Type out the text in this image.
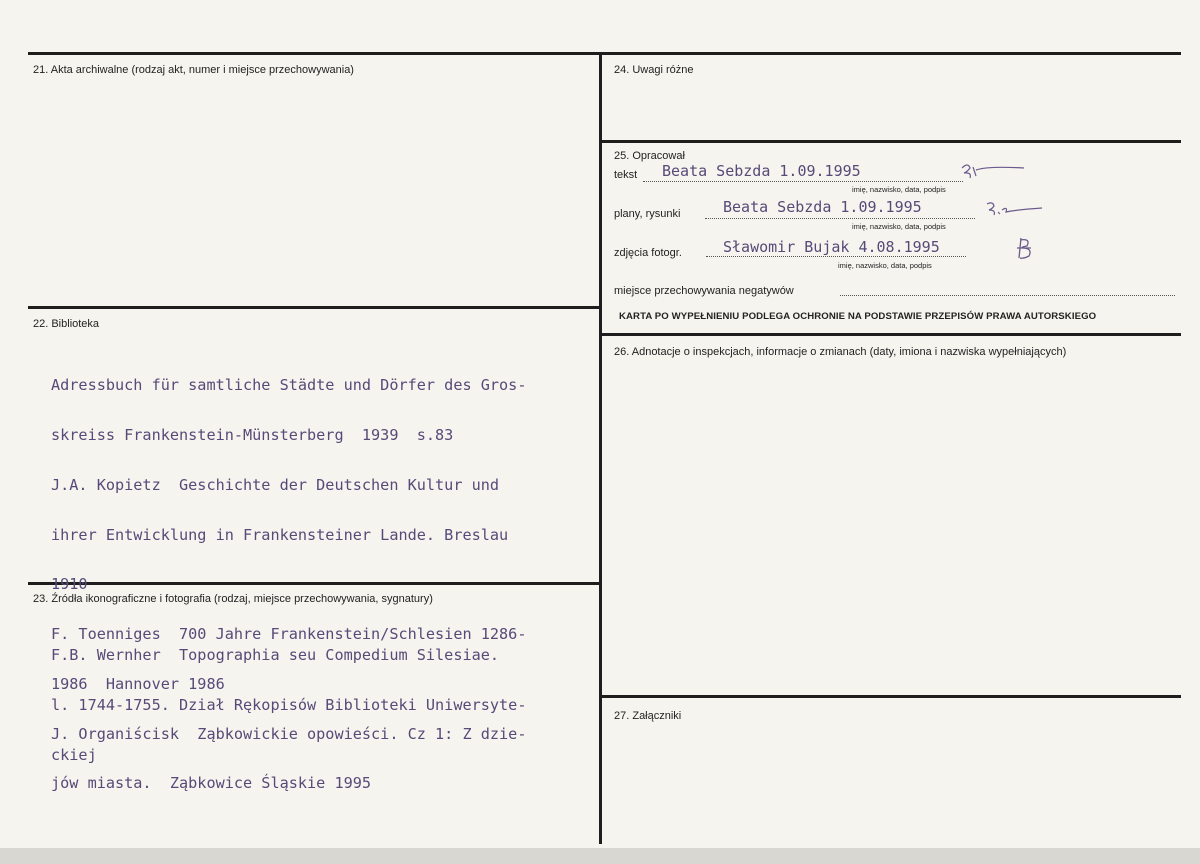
21. Akta archiwalne (rodzaj akt, numer i miejsce przechowywania)
22. Biblioteka

Adressbuch für samtliche Städte und Dörfer des Gros-

skreiss Frankenstein-Münsterberg  1939  s.83

J.A. Kopietz  Geschichte der Deutschen Kultur und

ihrer Entwicklung in Frankensteiner Lande. Breslau

1910

F. Toenniges  700 Jahre Frankenstein/Schlesien 1286-

1986  Hannover 1986

J. Organiścisk  Ząbkowickie opowieści. Cz 1: Z dzie-

jów miasta.  Ząbkowice Śląskie 1995

23. Źródła ikonograficzne i fotografia (rodzaj, miejsce przechowywania, sygnatury)

F.B. Wernher  Topographia seu Compedium Silesiae.

l. 1744-1755. Dział Rękopisów Biblioteki Uniwersyte-

ckiej

24. Uwagi różne
25. Opracował
tekst Beata Sebzda 1.09.1995
imię, nazwisko, data, podpis
plany, rysunki	Beata Sebzda 1.09.1995
imię, nazwisko, data, podpis
zdjęcia fotogr.	Sławomir Bujak 4.08.1995
imię, nazwisko, data, podpis
miejsce przechowywania negatywów
KARTA PO WYPEŁNIENIU PODLEGA OCHRONIE NA PODSTAWIE PRZEPISÓW PRAWA AUTORSKIEGO
26. Adnotacje o inspekcjach, informacje o zmianach (daty, imiona i nazwiska wypełniających)
27. Załączniki
